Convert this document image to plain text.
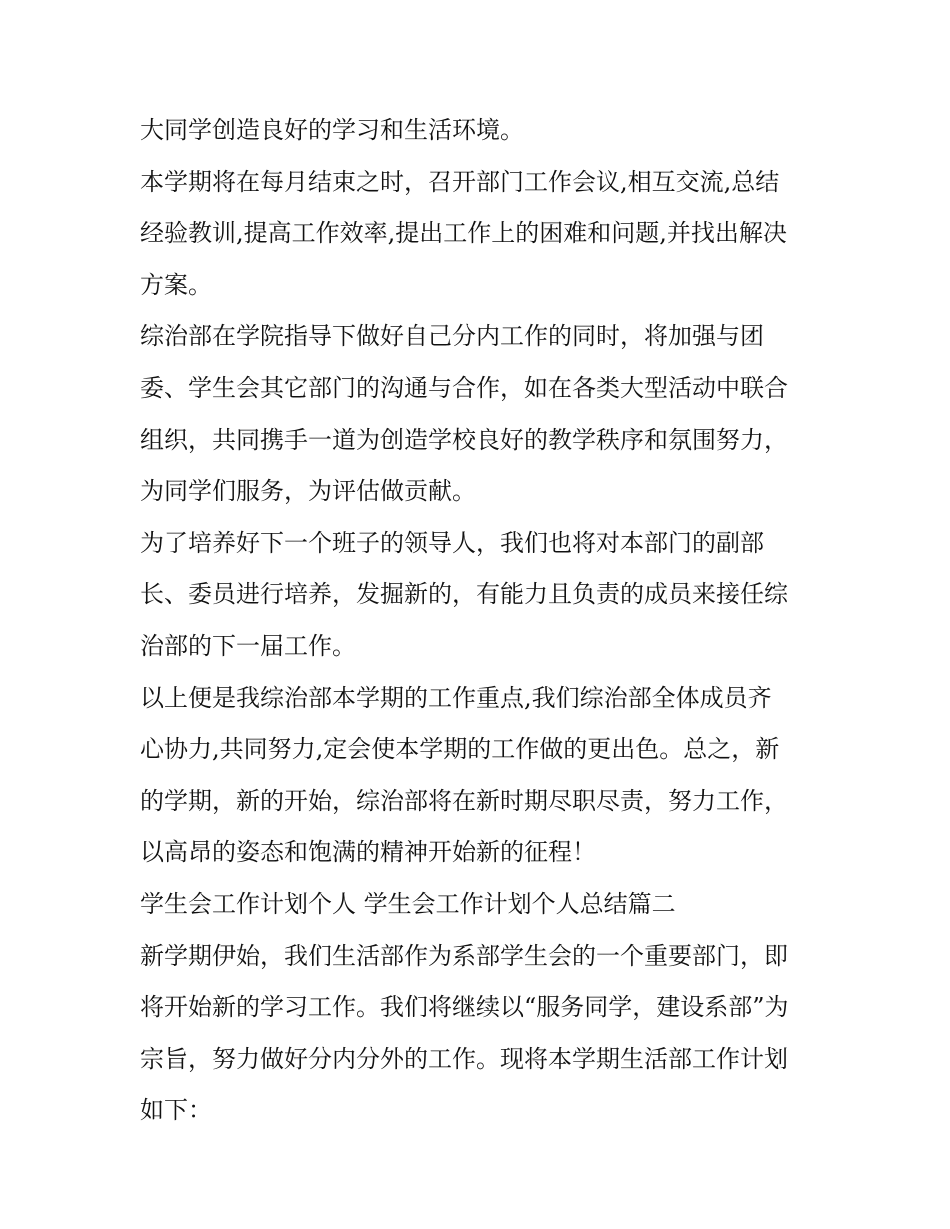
大同学创造良好的学习和生活环境。
本学期将在每月结束之时，召开部门工作会议,相互交流,总结
经验教训,提高工作效率,提出工作上的困难和问题,并找出解决
方案。
综治部在学院指导下做好自己分内工作的同时，将加强与团
委、学生会其它部门的沟通与合作，如在各类大型活动中联合
组织，共同携手一道为创造学校良好的教学秩序和氛围努力，
为同学们服务，为评估做贡献。
为了培养好下一个班子的领导人，我们也将对本部门的副部
长、委员进行培养，发掘新的，有能力且负责的成员来接任综
治部的下一届工作。
以上便是我综治部本学期的工作重点,我们综治部全体成员齐
心协力,共同努力,定会使本学期的工作做的更出色。总之，新
的学期，新的开始，综治部将在新时期尽职尽责，努力工作，
以高昂的姿态和饱满的精神开始新的征程！
学生会工作计划个人 学生会工作计划个人总结篇二
新学期伊始，我们生活部作为系部学生会的一个重要部门，即
将开始新的学习工作。我们将继续以“服务同学，建设系部”为
宗旨，努力做好分内分外的工作。现将本学期生活部工作计划
如下：
